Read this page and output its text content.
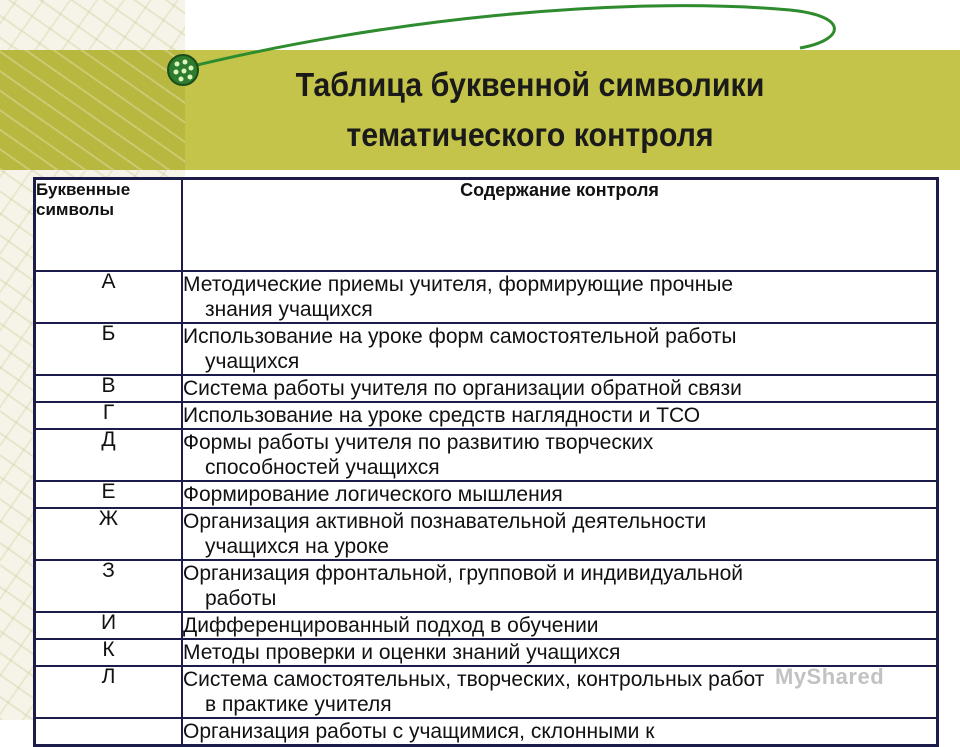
Таблица буквенной символики
тематического контроля
Буквенные символы	Содержание контроля
А	Методические приемы учителя, формирующие прочные
знания учащихся

Б	Использование на уроке форм самостоятельной работы
учащихся

В	Система работы учителя по организации обратной связи
Г	Использование на уроке средств наглядности и ТСО
Д	Формы работы учителя по развитию творческих
способностей учащихся

Е	Формирование логического мышления
Ж	Организация активной познавательной деятельности
учащихся на уроке

З	Организация фронтальной, групповой и индивидуальной
работы

И	Дифференцированный подход в обучении
К	Методы проверки и оценки знаний учащихся
Л	Система самостоятельных, творческих, контрольных работ
в практике учителя

	Организация работы с учащимися, склонными к
MyShared
